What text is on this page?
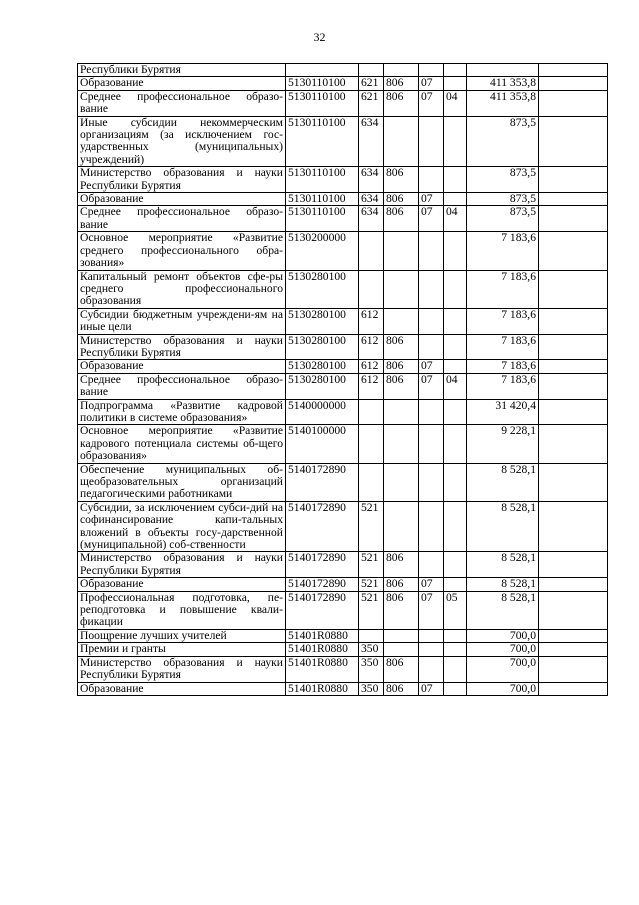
32
Республики Бурятия							
Образование	5130110100	621	806	07		411 353,8	
Среднее профессиональное образо-вание	5130110100	621	806	07	04	411 353,8	
Иные субсидии некоммерческим организациям (за исключением гос-ударственных (муниципальных) учреждений)	5130110100	634				873,5	
Министерство образования и науки Республики Бурятия	5130110100	634	806			873,5	
Образование	5130110100	634	806	07		873,5	
Среднее профессиональное образо-вание	5130110100	634	806	07	04	873,5	
Основное мероприятие «Развитие среднего профессионального обра-зования»	5130200000					7 183,6	
Капитальный ремонт объектов сфе-ры среднего профессионального образования	5130280100					7 183,6	
Субсидии бюджетным учреждени-ям на иные цели	5130280100	612				7 183,6	
Министерство образования и науки Республики Бурятия	5130280100	612	806			7 183,6	
Образование	5130280100	612	806	07		7 183,6	
Среднее профессиональное образо-вание	5130280100	612	806	07	04	7 183,6	
Подпрограмма «Развитие кадровой политики в системе образования»	5140000000					31 420,4	
Основное мероприятие «Развитие кадрового потенциала системы об-щего образования»	5140100000					9 228,1	
Обеспечение муниципальных об-щеобразовательных организаций педагогическими работниками	5140172890					8 528,1	
Субсидии, за исключением субси-дий на софинансирование капи-тальных вложений в объекты госу-дарственной (муниципальной) соб-ственности	5140172890	521				8 528,1	
Министерство образования и науки Республики Бурятия	5140172890	521	806			8 528,1	
Образование	5140172890	521	806	07		8 528,1	
Профессиональная подготовка, пе-реподготовка и повышение квали-фикации	5140172890	521	806	07	05	8 528,1	
Поощрение лучших учителей	51401R0880					700,0	
Премии и гранты	51401R0880	350				700,0	
Министерство образования и науки Республики Бурятия	51401R0880	350	806			700,0	
Образование	51401R0880	350	806	07		700,0	
